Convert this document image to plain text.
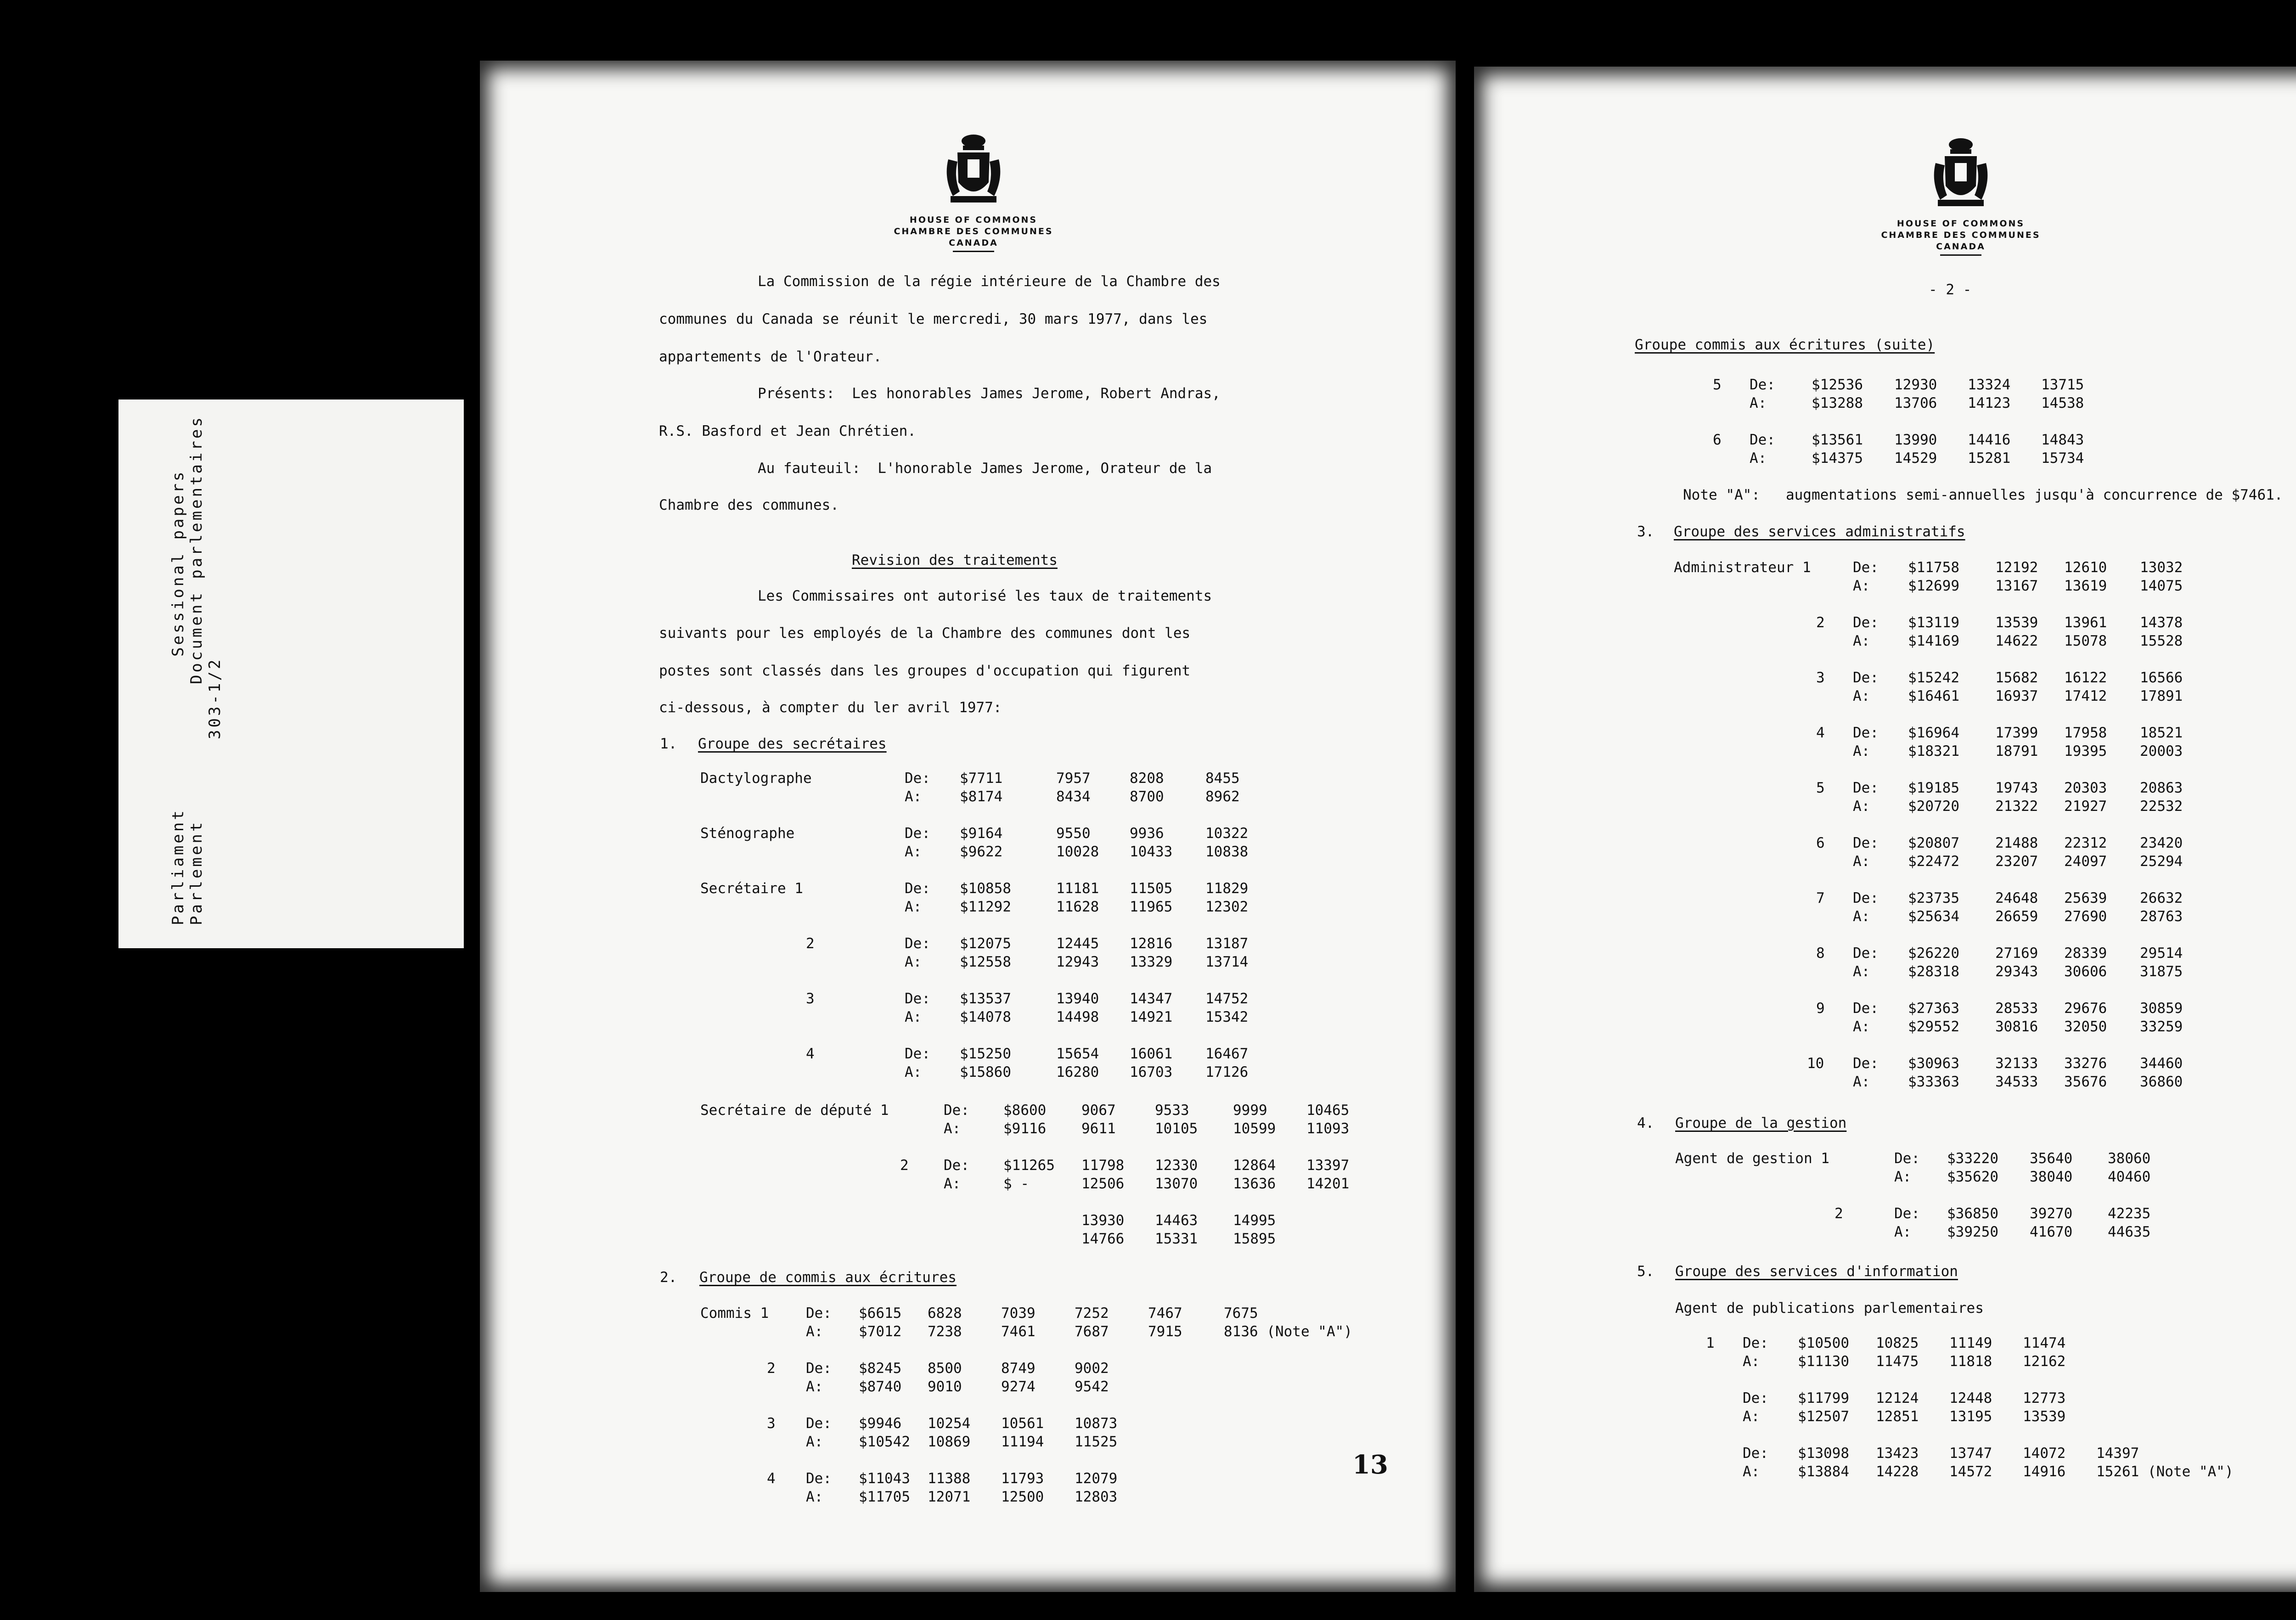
Parliament Parlement
Sessional papers Document parlementaires
303-1/2
HOUSE OF COMMONS
CHAMBRE DES COMMUNES
CANADA
La Commission de la régie intérieure de la Chambre des
communes du Canada se réunit le mercredi, 30 mars 1977, dans les
appartements de l'Orateur.
Présents:  Les honorables James Jerome, Robert Andras,
R.S. Basford et Jean Chrétien.
Au fauteuil:  L'honorable James Jerome, Orateur de la
Chambre des communes.
Revision des traitements
Les Commissaires ont autorisé les taux de traitements
suivants pour les employés de la Chambre des communes dont les
postes sont classés dans les groupes d'occupation qui figurent
ci-dessous, à compter du ler avril 1977:
1. Groupe des secrétaires
Dactylographe	De: $7711	7957	8208	8455
A:	$8174	8434	8700	8962
Sténographe	De: $9164	9550	9936	10322
A:	$9622	10028 10433 10838
Secrétaire 1	De: $10858	11181 11505 11829
A:	$11292	11628 11965 12302
2	De: $12075	12445 12816 13187
A:	$12558	12943 13329 13714
3	De: $13537	13940 14347 14752
A:	$14078	14498 14921 15342
4	De: $15250	15654 16061 16467
A:	$15860	16280 16703 17126
Secrétaire de député 1	De: $8600 9067	9533	9999	10465
A:	$9116 9611	10105 10599 11093
2 De: $11265 11798 12330 12864 13397
A:	$ -	12506 13070 13636 14201
13930 14463 14995
14766 15331 15895
2. Groupe de commis aux écritures
Commis 1	De: $6615 6828	7039	7252	7467	7675
A:	$7012 7238	7461	7687	7915	8136 (Note "A")
2 De: $8245 8500	8749	9002
A:	$8740 9010	9274	9542
3 De: $9946 10254 10561 10873
A:	$10542 10869 11194 11525
4 De: $11043 11388 11793 12079
A:	$11705 12071 12500 12803
13
HOUSE OF COMMONS
CHAMBRE DES COMMUNES
CANADA
- 2 -
Groupe commis aux écritures (suite)
5 De:	$12536 12930 13324 13715
A:	$13288 13706 14123 14538
6 De:	$13561 13990 14416 14843
A:	$14375 14529 15281 15734
Note "A":   augmentations semi-annuelles jusqu'à concurrence de $7461.
3. Groupe des services administratifs
Administrateur 1	De: $11758	12192 12610 13032
A:	$12699	13167 13619 14075
2 De: $13119	13539 13961 14378
A:	$14169	14622 15078 15528
3 De: $15242	15682 16122 16566
A:	$16461	16937 17412 17891
4 De: $16964	17399 17958 18521
A:	$18321	18791 19395 20003
5 De: $19185	19743 20303 20863
A:	$20720	21322 21927 22532
6 De: $20807	21488 22312 23420
A:	$22472	23207 24097 25294
7 De: $23735	24648 25639 26632
A:	$25634	26659 27690 28763
8 De: $26220	27169 28339 29514
A:	$28318	29343 30606 31875
9 De: $27363	28533 29676 30859
A:	$29552	30816 32050 33259
10 De: $30963	32133 33276 34460
A:	$33363	34533 35676 36860
4. Groupe de la gestion
Agent de gestion 1	De: $33220 35640 38060
A:	$35620 38040 40460
2	De: $36850 39270 42235
A:	$39250 41670 44635
5. Groupe des services d'information
Agent de publications parlementaires
1 De: $10500 10825 11149 11474
A:	$11130 11475 11818 12162
De: $11799 12124 12448 12773
A:	$12507 12851 13195 13539
De: $13098 13423 13747 14072 14397
A:	$13884 14228 14572 14916 15261 (Note "A")
